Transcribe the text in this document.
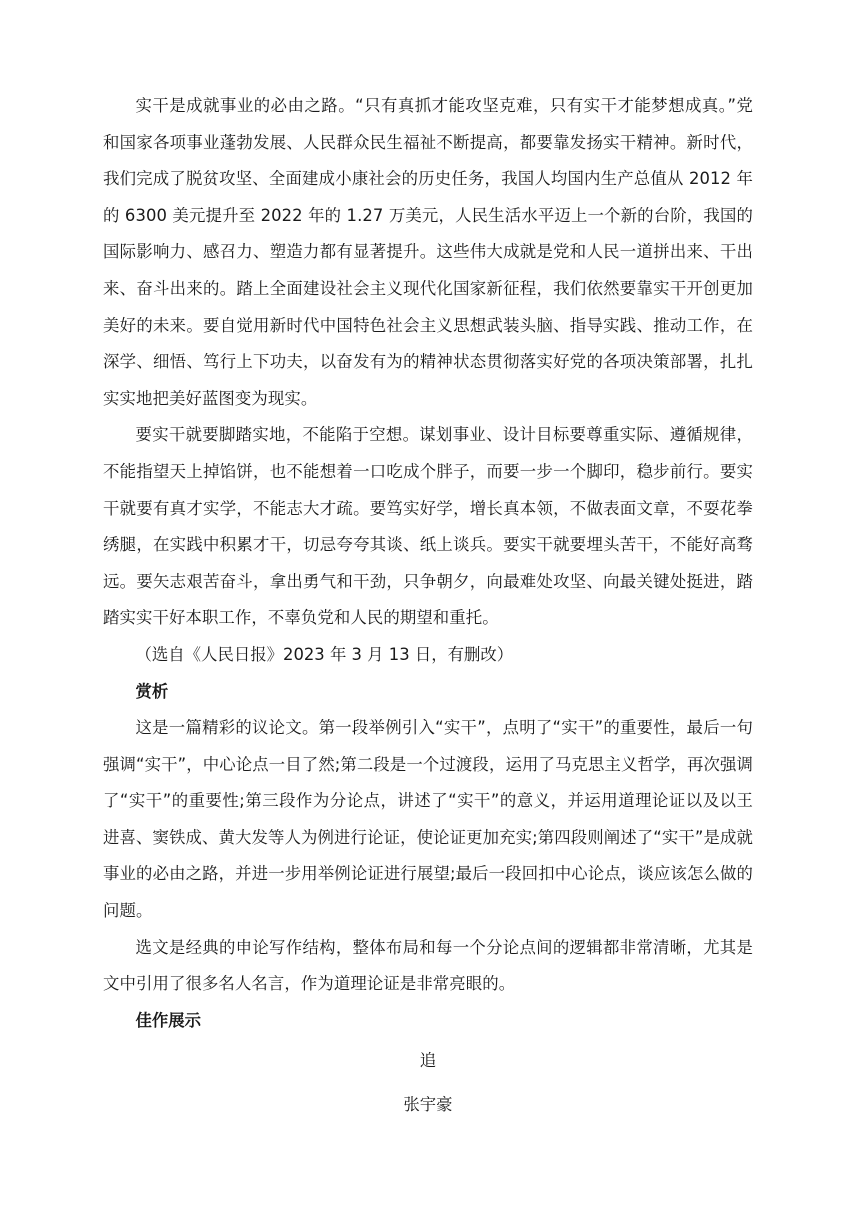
实干是成就事业的必由之路。“只有真抓才能攻坚克难，只有实干才能梦想成真。”党和国家各项事业蓬勃发展、人民群众民生福祉不断提高，都要靠发扬实干精神。新时代，我们完成了脱贫攻坚、全面建成小康社会的历史任务，我国人均国内生产总值从 2012 年的 6300 美元提升至 2022 年的 1.27 万美元，人民生活水平迈上一个新的台阶，我国的国际影响力、感召力、塑造力都有显著提升。这些伟大成就是党和人民一道拼出来、干出来、奋斗出来的。踏上全面建设社会主义现代化国家新征程，我们依然要靠实干开创更加美好的未来。要自觉用新时代中国特色社会主义思想武装头脑、指导实践、推动工作，在深学、细悟、笃行上下功夫，以奋发有为的精神状态贯彻落实好党的各项决策部署，扎扎实实地把美好蓝图变为现实。

要实干就要脚踏实地，不能陷于空想。谋划事业、设计目标要尊重实际、遵循规律，不能指望天上掉馅饼，也不能想着一口吃成个胖子，而要一步一个脚印，稳步前行。要实干就要有真才实学，不能志大才疏。要笃实好学，增长真本领，不做表面文章，不耍花拳绣腿，在实践中积累才干，切忌夸夸其谈、纸上谈兵。要实干就要埋头苦干，不能好高骛远。要矢志艰苦奋斗，拿出勇气和干劲，只争朝夕，向最难处攻坚、向最关键处挺进，踏踏实实干好本职工作，不辜负党和人民的期望和重托。

（选自《人民日报》2023 年 3 月 13 日，有删改）

赏析

这是一篇精彩的议论文。第一段举例引入“实干”，点明了“实干”的重要性，最后一句强调“实干”，中心论点一目了然;第二段是一个过渡段，运用了马克思主义哲学，再次强调了“实干”的重要性;第三段作为分论点，讲述了“实干”的意义，并运用道理论证以及以王进喜、窦铁成、黄大发等人为例进行论证，使论证更加充实;第四段则阐述了“实干”是成就事业的必由之路，并进一步用举例论证进行展望;最后一段回扣中心论点，谈应该怎么做的问题。

选文是经典的申论写作结构，整体布局和每一个分论点间的逻辑都非常清晰，尤其是文中引用了很多名人名言，作为道理论证是非常亮眼的。

佳作展示

追

张宇豪
